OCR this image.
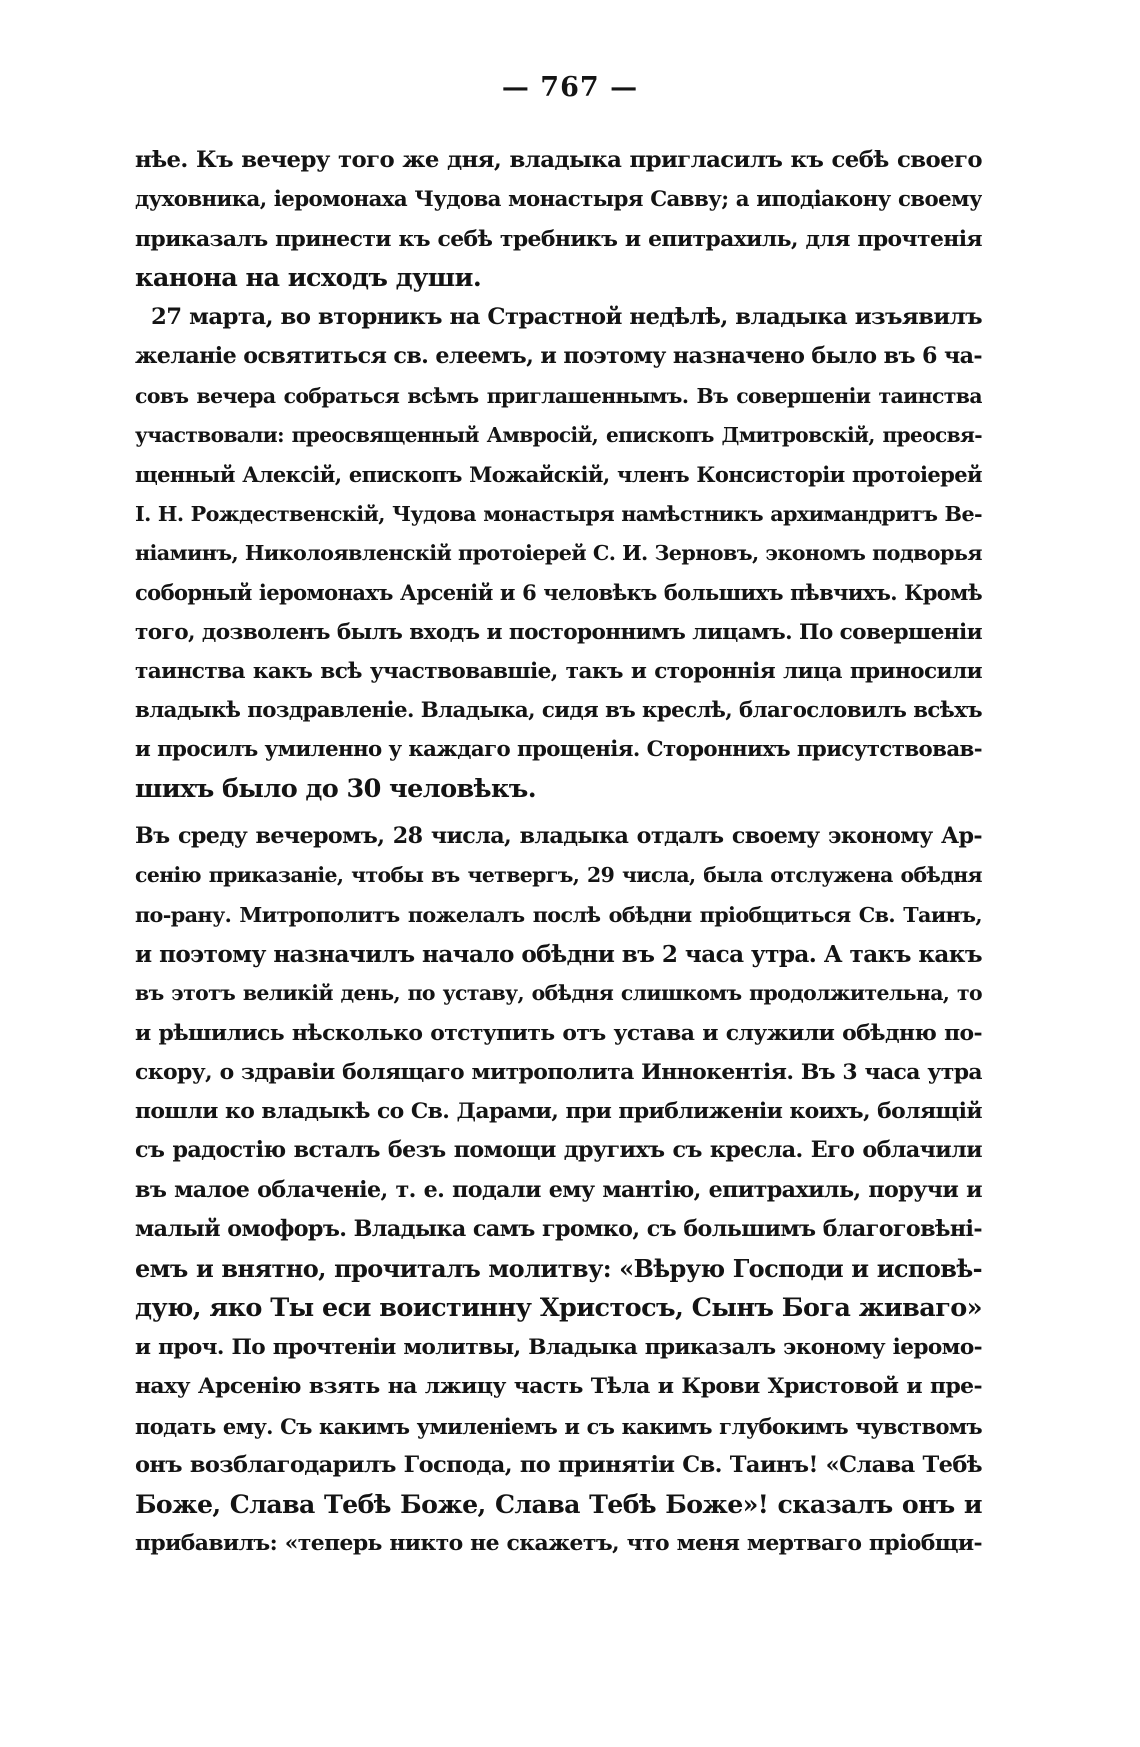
— 767 —
нѣе. Къ вечеру того же дня, владыка пригласилъ къ себѣ своего
духовника, іеромонаха Чудова монастыря Савву; а иподіакону своему
приказалъ принести къ себѣ требникъ и епитрахиль, для прочтенія
канона на исходъ души.
27 марта, во вторникъ на Страстной недѣлѣ, владыка изъявилъ
желаніе освятиться св. елеемъ, и поэтому назначено было въ 6 ча-
совъ вечера собраться всѣмъ приглашеннымъ. Въ совершеніи таинства
участвовали: преосвященный Амвросій, епископъ Дмитровскій, преосвя-
щенный Алексій, епископъ Можайскій, членъ Консисторіи протоіерей
І. Н. Рождественскій, Чудова монастыря намѣстникъ архимандритъ Ве-
ніаминъ, Николоявленскій протоіерей С. И. Зерновъ, экономъ подворья
соборный іеромонахъ Арсеній и 6 человѣкъ большихъ пѣвчихъ. Кромѣ
того, дозволенъ былъ входъ и постороннимъ лицамъ. По совершеніи
таинства какъ всѣ участвовавшіе, такъ и стороннія лица приносили
владыкѣ поздравленіе. Владыка, сидя въ креслѣ, благословилъ всѣхъ
и просилъ умиленно у каждаго прощенія. Стороннихъ присутствовав-
шихъ было до 30 человѣкъ.
Въ среду вечеромъ, 28 числа, владыка отдалъ своему эконому Ар-
сенію приказаніе, чтобы въ четвергъ, 29 числа, была отслужена обѣдня
по-рану. Митрополитъ пожелалъ послѣ обѣдни пріобщиться Св. Таинъ,
и поэтому назначилъ начало обѣдни въ 2 часа утра. А такъ какъ
въ этотъ великій день, по уставу, обѣдня слишкомъ продолжительна, то
и рѣшились нѣсколько отступить отъ устава и служили обѣдню по-
скору, о здравіи болящаго митрополита Иннокентія. Въ 3 часа утра
пошли ко владыкѣ со Св. Дарами, при приближеніи коихъ, болящій
съ радостію всталъ безъ помощи другихъ съ кресла. Его облачили
въ малое облаченіе, т. е. подали ему мантію, епитрахиль, поручи и
малый омофоръ. Владыка самъ громко, съ большимъ благоговѣні-
емъ и внятно, прочиталъ молитву: «Вѣрую Господи и исповѣ-
дую, яко Ты еси воистинну Христосъ, Сынъ Бога живаго»
и проч. По прочтеніи молитвы, Владыка приказалъ эконому іеромо-
наху Арсенію взять на лжицу часть Тѣла и Крови Христовой и пре-
подать ему. Съ какимъ умиленіемъ и съ какимъ глубокимъ чувствомъ
онъ возблагодарилъ Господа, по принятіи Св. Таинъ! «Слава Тебѣ
Боже, Слава Тебѣ Боже, Слава Тебѣ Боже»! сказалъ онъ и
прибавилъ: «теперь никто не скажетъ, что меня мертваго пріобщи-
